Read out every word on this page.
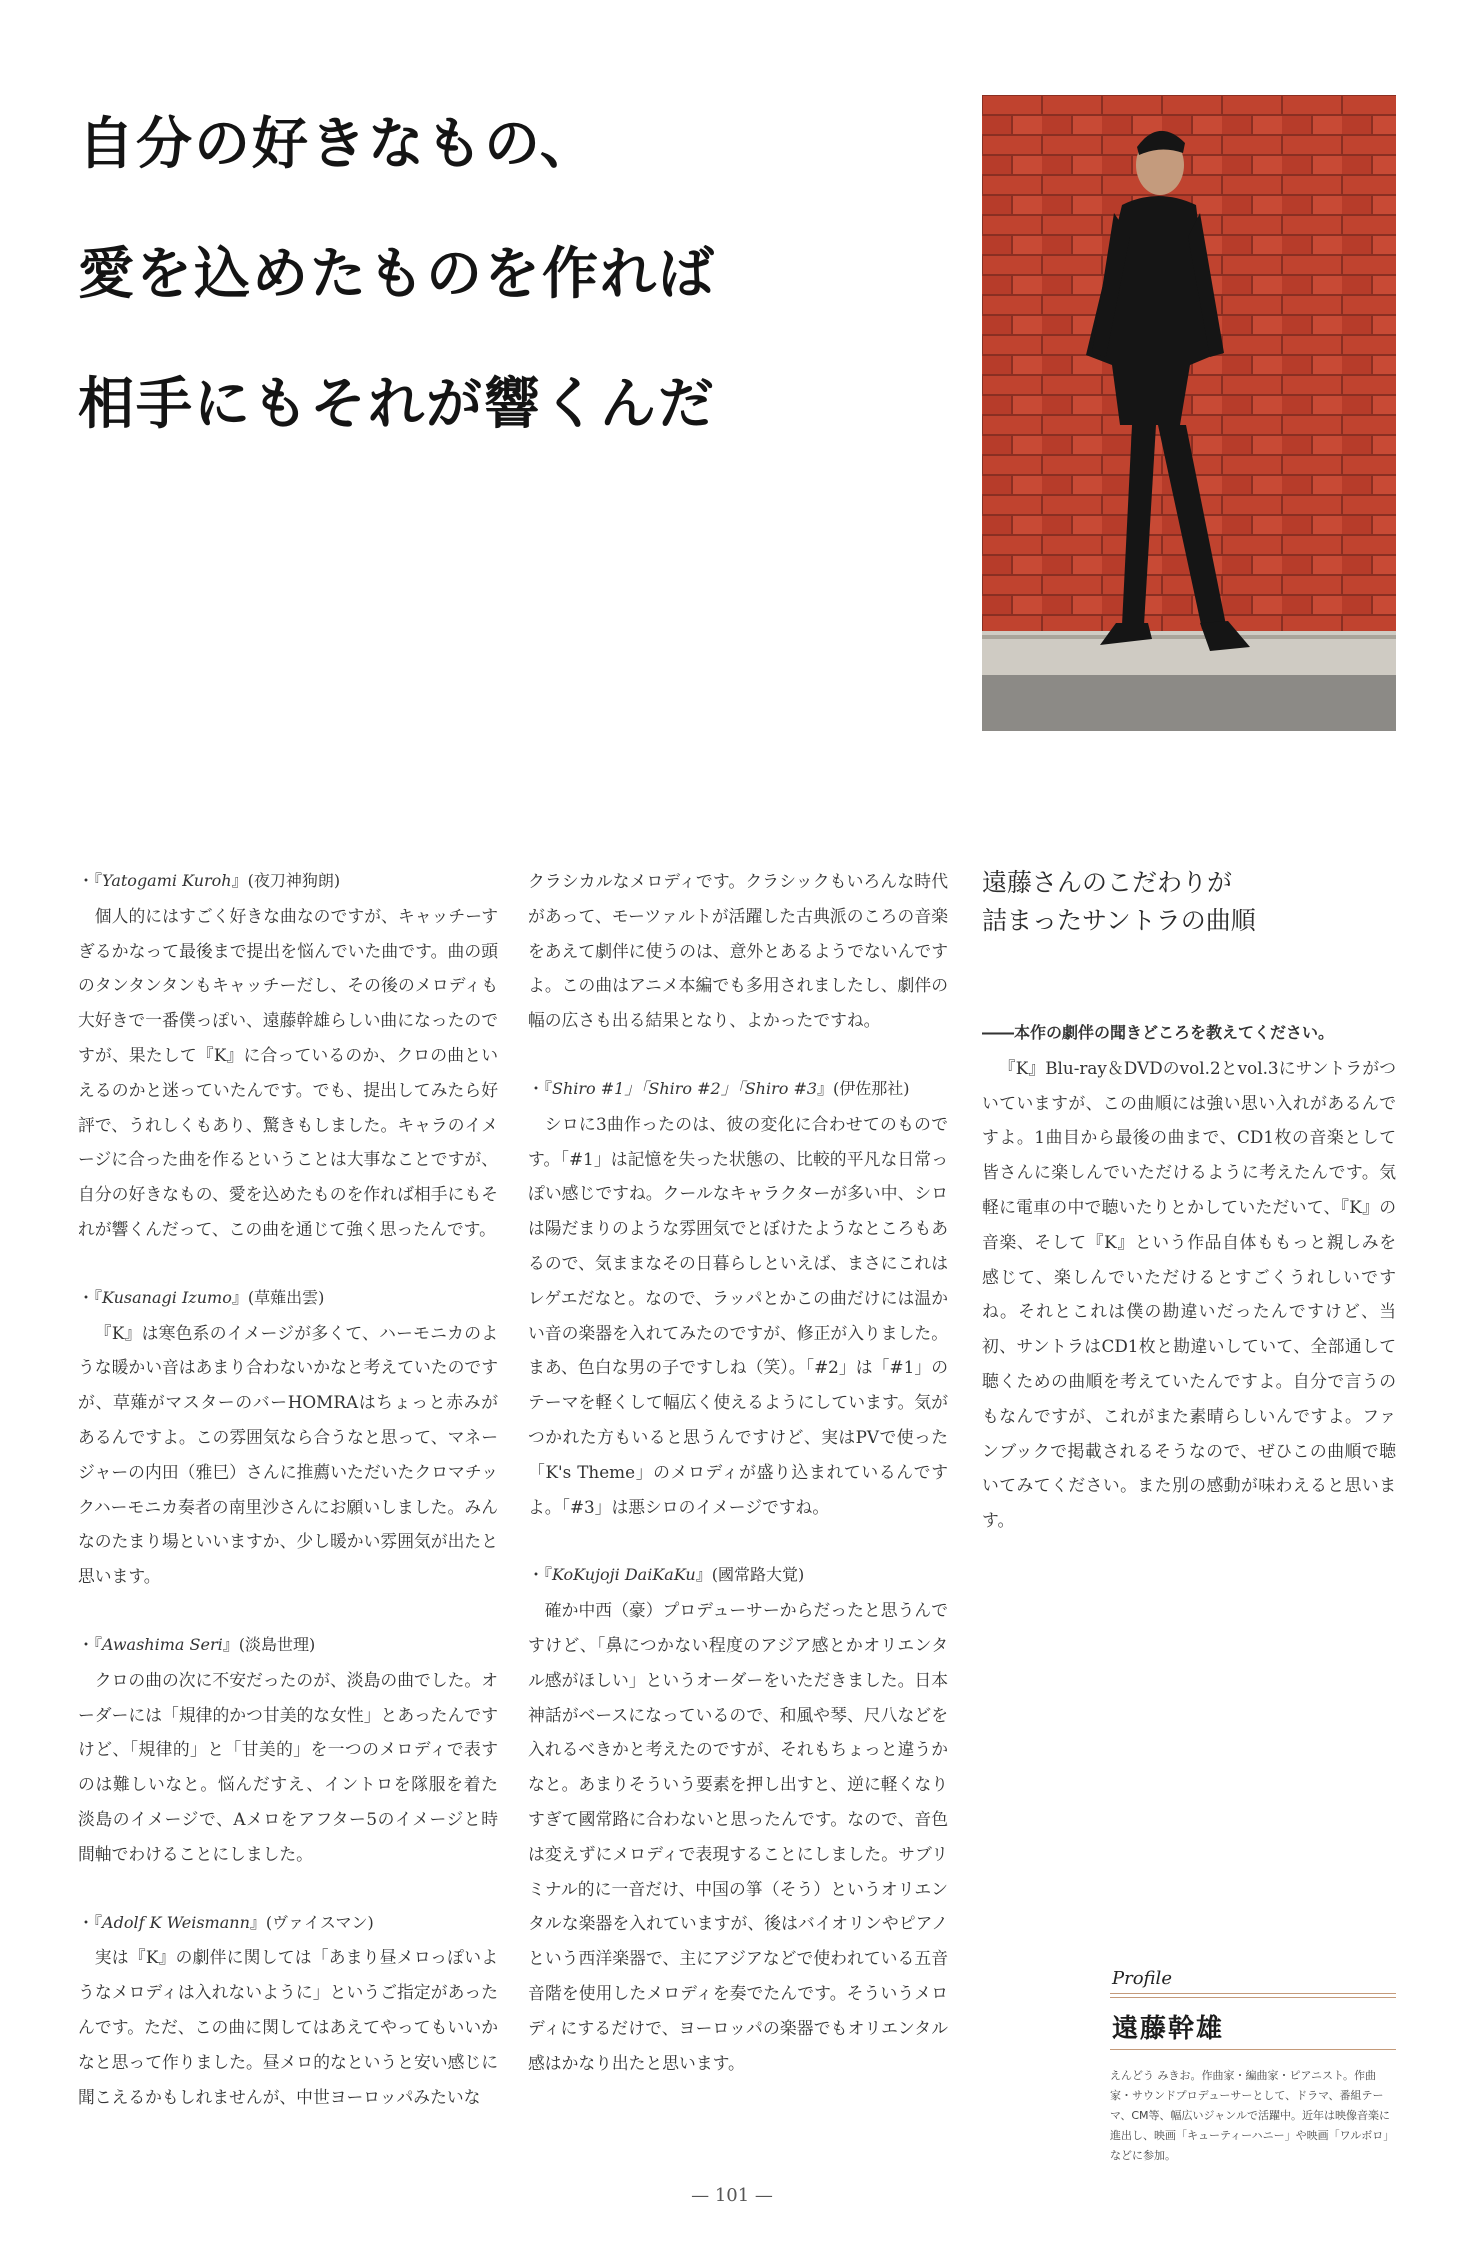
自分の好きなもの、
愛を込めたものを作れば
相手にもそれが響くんだ

・『Yatogami Kuroh』(夜刀神狗朗)

個人的にはすごく好きな曲なのですが、キャッチーすぎるかなって最後まで提出を悩んでいた曲です。曲の頭のタンタンタンもキャッチーだし、その後のメロディも大好きで一番僕っぽい、遠藤幹雄らしい曲になったのですが、果たして『K』に合っているのか、クロの曲といえるのかと迷っていたんです。でも、提出してみたら好評で、うれしくもあり、驚きもしました。キャラのイメージに合った曲を作るということは大事なことですが、自分の好きなもの、愛を込めたものを作れば相手にもそれが響くんだって、この曲を通じて強く思ったんです。

・『Kusanagi Izumo』(草薙出雲)

『K』は寒色系のイメージが多くて、ハーモニカのような暖かい音はあまり合わないかなと考えていたのですが、草薙がマスターのバーHOMRAはちょっと赤みがあるんですよ。この雰囲気なら合うなと思って、マネージャーの内田（雅巳）さんに推薦いただいたクロマチックハーモニカ奏者の南里沙さんにお願いしました。みんなのたまり場といいますか、少し暖かい雰囲気が出たと思います。

・『Awashima Seri』(淡島世理)

クロの曲の次に不安だったのが、淡島の曲でした。オーダーには「規律的かつ甘美的な女性」とあったんですけど、「規律的」と「甘美的」を一つのメロディで表すのは難しいなと。悩んだすえ、イントロを隊服を着た淡島のイメージで、Aメロをアフター5のイメージと時間軸でわけることにしました。

・『Adolf K Weismann』(ヴァイスマン)

実は『K』の劇伴に関しては「あまり昼メロっぽいようなメロディは入れないように」というご指定があったんです。ただ、この曲に関してはあえてやってもいいかなと思って作りました。昼メロ的なというと安い感じに聞こえるかもしれませんが、中世ヨーロッパみたいな

クラシカルなメロディです。クラシックもいろんな時代があって、モーツァルトが活躍した古典派のころの音楽をあえて劇伴に使うのは、意外とあるようでないんですよ。この曲はアニメ本編でも多用されましたし、劇伴の幅の広さも出る結果となり、よかったですね。

・『Shiro #1」「Shiro #2」「Shiro #3』(伊佐那社)

シロに3曲作ったのは、彼の変化に合わせてのものです。「#1」は記憶を失った状態の、比較的平凡な日常っぽい感じですね。クールなキャラクターが多い中、シロは陽だまりのような雰囲気でとぼけたようなところもあるので、気ままなその日暮らしといえば、まさにこれはレゲエだなと。なので、ラッパとかこの曲だけには温かい音の楽器を入れてみたのですが、修正が入りました。まあ、色白な男の子ですしね（笑）。「#2」は「#1」のテーマを軽くして幅広く使えるようにしています。気がつかれた方もいると思うんですけど、実はPVで使った「K's Theme」のメロディが盛り込まれているんですよ。「#3」は悪シロのイメージですね。

・『KoKujoji DaiKaKu』(國常路大覚)

確か中西（豪）プロデューサーからだったと思うんですけど、「鼻につかない程度のアジア感とかオリエンタル感がほしい」というオーダーをいただきました。日本神話がベースになっているので、和風や琴、尺八などを入れるべきかと考えたのですが、それもちょっと違うかなと。あまりそういう要素を押し出すと、逆に軽くなりすぎて國常路に合わないと思ったんです。なので、音色は変えずにメロディで表現することにしました。サブリミナル的に一音だけ、中国の箏（そう）というオリエンタルな楽器を入れていますが、後はバイオリンやピアノという西洋楽器で、主にアジアなどで使われている五音音階を使用したメロディを奏でたんです。そういうメロディにするだけで、ヨーロッパの楽器でもオリエンタル感はかなり出たと思います。

遠藤さんのこだわりが
詰まったサントラの曲順

――本作の劇伴の聞きどころを教えてください。

『K』Blu-ray＆DVDのvol.2とvol.3にサントラがついていますが、この曲順には強い思い入れがあるんですよ。1曲目から最後の曲まで、CD1枚の音楽として皆さんに楽しんでいただけるように考えたんです。気軽に電車の中で聴いたりとかしていただいて、『K』の音楽、そして『K』という作品自体ももっと親しみを感じて、楽しんでいただけるとすごくうれしいですね。それとこれは僕の勘違いだったんですけど、当初、サントラはCD1枚と勘違いしていて、全部通して聴くための曲順を考えていたんですよ。自分で言うのもなんですが、これがまた素晴らしいんですよ。ファンブックで掲載されるそうなので、ぜひこの曲順で聴いてみてください。また別の感動が味わえると思います。

Profile
遠藤幹雄
えんどう みきお。作曲家・編曲家・ピアニスト。作曲家・サウンドプロデューサーとして、ドラマ、番組テーマ、CM等、幅広いジャンルで活躍中。近年は映像音楽に進出し、映画「キューティーハニー」や映画「ワルボロ」などに参加。
— 101 —
